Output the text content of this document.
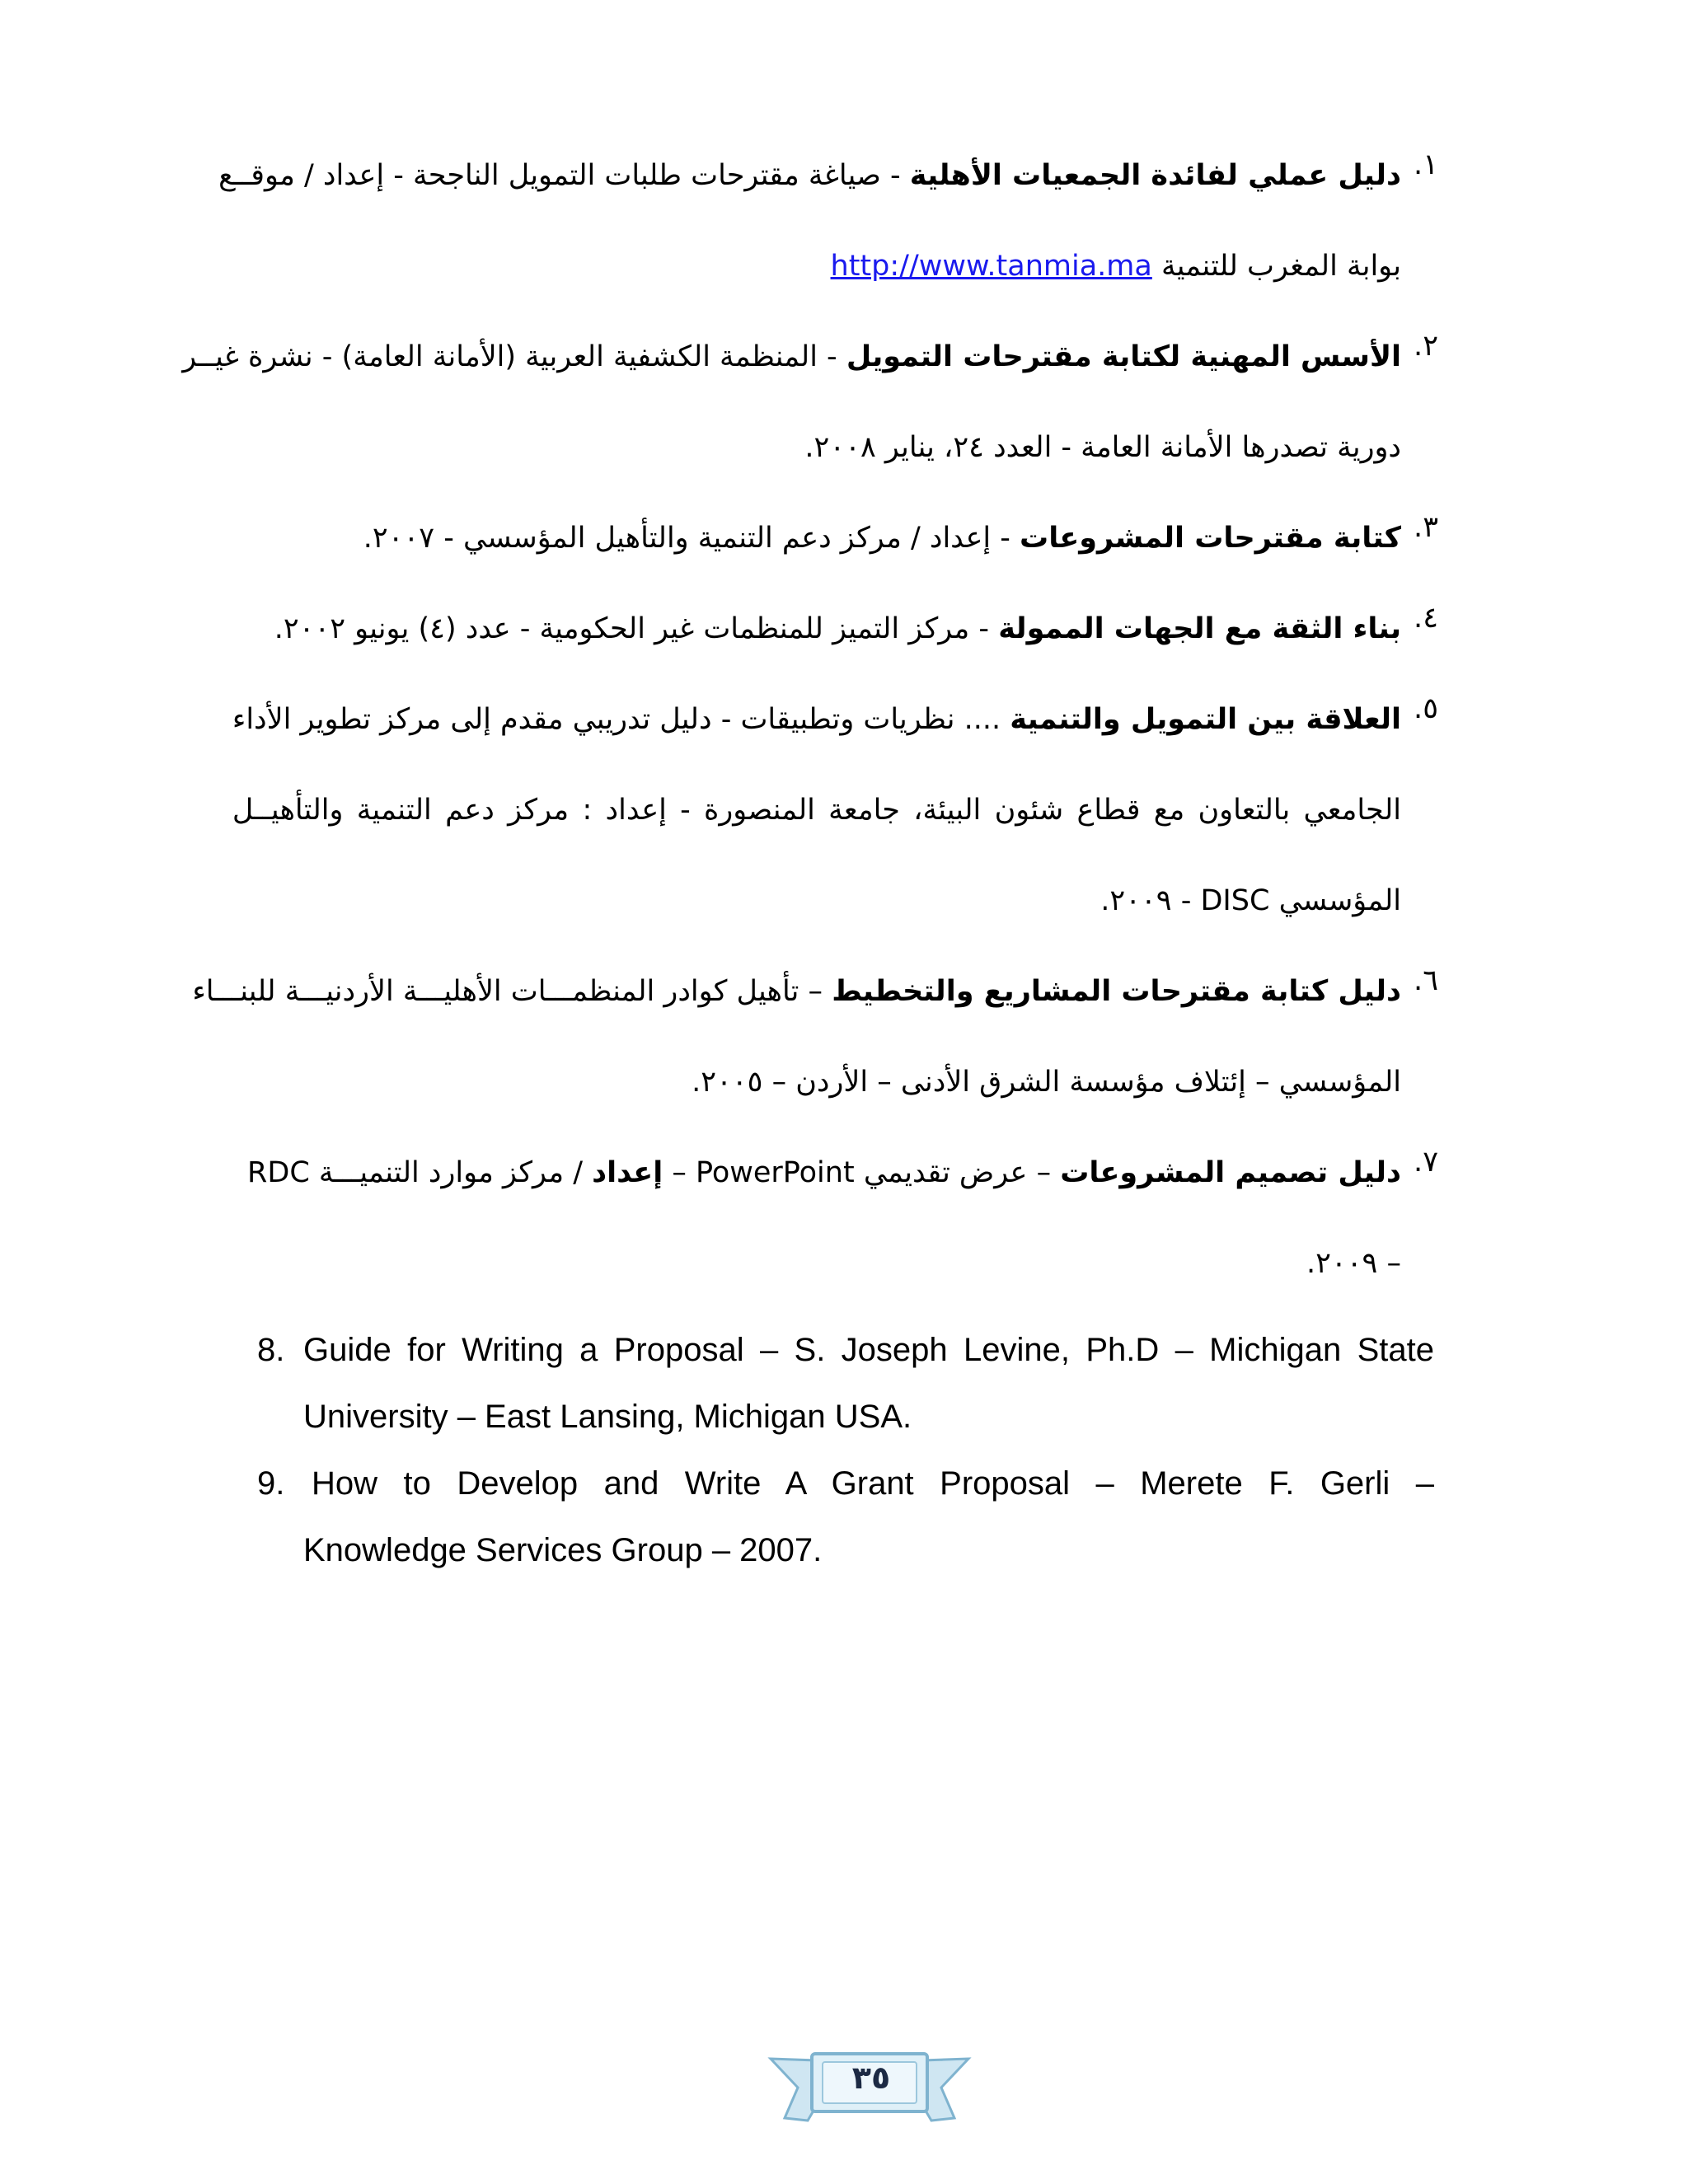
١.
دليل عملي لفائدة الجمعيات الأهلية - صياغة مقترحات طلبات التمويل الناجحة - إعداد / موقــع
بوابة المغرب للتنمية http://www.tanmia.ma
٢.
الأسس المهنية لكتابة مقترحات التمويل - المنظمة الكشفية العربية (الأمانة العامة) - نشرة غيــر
دورية تصدرها الأمانة العامة - العدد ٢٤، يناير ٢٠٠٨.
٣.
كتابة مقترحات المشروعات - إعداد / مركز دعم التنمية والتأهيل المؤسسي - ٢٠٠٧.
٤.
بناء الثقة مع الجهات الممولة - مركز التميز للمنظمات غير الحكومية - عدد (٤) يونيو ٢٠٠٢.
٥.
العلاقة بين التمويل والتنمية .... نظريات وتطبيقات - دليل تدريبي مقدم إلى مركز تطوير الأداء
الجامعي بالتعاون مع قطاع شئون البيئة، جامعة المنصورة - إعداد : مركز دعم التنمية والتأهيــل
المؤسسي DISC - ٢٠٠٩.
٦.
دليل كتابة مقترحات المشاريع والتخطيط – تأهيل كوادر المنظمـــات الأهليـــة الأردنيـــة للبنـــاء
المؤسسي – إئتلاف مؤسسة الشرق الأدنى – الأردن – ٢٠٠٥.
٧.
دليل تصميم المشروعات – عرض تقديمي PowerPoint – إعداد / مركز موارد التنميـــة RDC
– ٢٠٠٩.
8. Guide for Writing a Proposal – S. Joseph Levine, Ph.D – Michigan State
University – East Lansing, Michigan USA.
9. How to Develop and Write A Grant Proposal – Merete F. Gerli –
Knowledge Services Group – 2007.
٣٥
